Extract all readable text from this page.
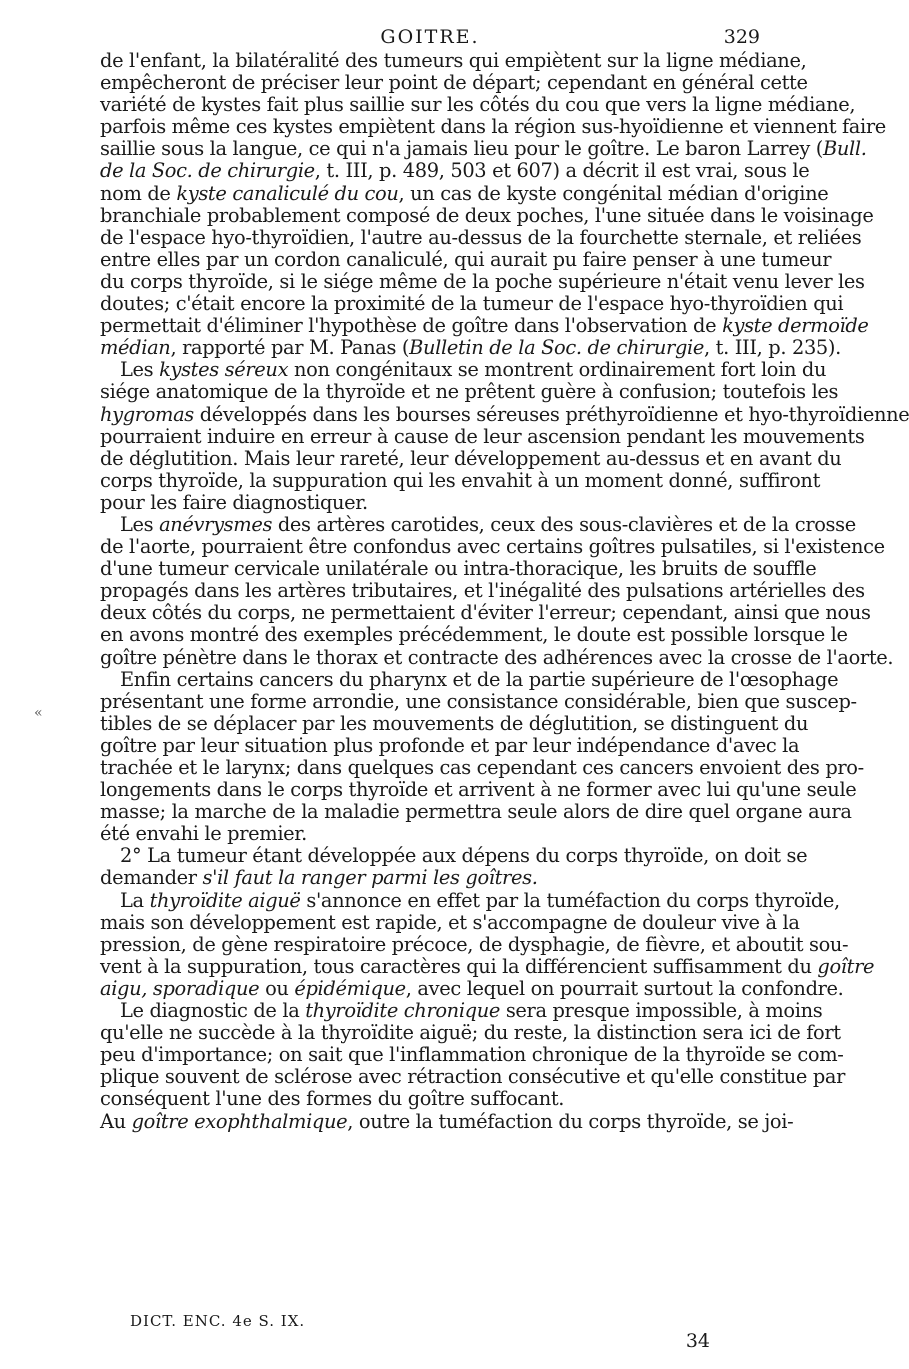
GOITRE.	329
«
de l'enfant, la bilatéralité des tumeurs qui empiètent sur la ligne médiane,
empêcheront de préciser leur point de départ; cependant en général cette
variété de kystes fait plus saillie sur les côtés du cou que vers la ligne médiane,
parfois même ces kystes empiètent dans la région sus-hyoïdienne et viennent faire
saillie sous la langue, ce qui n'a jamais lieu pour le goître. Le baron Larrey (Bull.
de la Soc. de chirurgie, t. III, p. 489, 503 et 607) a décrit il est vrai, sous le
nom de kyste canaliculé du cou, un cas de kyste congénital médian d'origine
branchiale probablement composé de deux poches, l'une située dans le voisinage
de l'espace hyo-thyroïdien, l'autre au-dessus de la fourchette sternale, et reliées
entre elles par un cordon canaliculé, qui aurait pu faire penser à une tumeur
du corps thyroïde, si le siége même de la poche supérieure n'était venu lever les
doutes; c'était encore la proximité de la tumeur de l'espace hyo-thyroïdien qui
permettait d'éliminer l'hypothèse de goître dans l'observation de kyste dermoïde
médian, rapporté par M. Panas (Bulletin de la Soc. de chirurgie, t. III, p. 235).
Les kystes séreux non congénitaux se montrent ordinairement fort loin du
siége anatomique de la thyroïde et ne prêtent guère à confusion; toutefois les
hygromas développés dans les bourses séreuses préthyroïdienne et hyo-thyroïdienne
pourraient induire en erreur à cause de leur ascension pendant les mouvements
de déglutition. Mais leur rareté, leur développement au-dessus et en avant du
corps thyroïde, la suppuration qui les envahit à un moment donné, suffiront
pour les faire diagnostiquer.
Les anévrysmes des artères carotides, ceux des sous-clavières et de la crosse
de l'aorte, pourraient être confondus avec certains goîtres pulsatiles, si l'existence
d'une tumeur cervicale unilatérale ou intra-thoracique, les bruits de souffle
propagés dans les artères tributaires, et l'inégalité des pulsations artérielles des
deux côtés du corps, ne permettaient d'éviter l'erreur; cependant, ainsi que nous
en avons montré des exemples précédemment, le doute est possible lorsque le
goître pénètre dans le thorax et contracte des adhérences avec la crosse de l'aorte.
Enfin certains cancers du pharynx et de la partie supérieure de l'œsophage
présentant une forme arrondie, une consistance considérable, bien que suscep-
tibles de se déplacer par les mouvements de déglutition, se distinguent du
goître par leur situation plus profonde et par leur indépendance d'avec la
trachée et le larynx; dans quelques cas cependant ces cancers envoient des pro-
longements dans le corps thyroïde et arrivent à ne former avec lui qu'une seule
masse; la marche de la maladie permettra seule alors de dire quel organe aura
été envahi le premier.
2° La tumeur étant développée aux dépens du corps thyroïde, on doit se
demander s'il faut la ranger parmi les goîtres.
La thyroïdite aiguë s'annonce en effet par la tuméfaction du corps thyroïde,
mais son développement est rapide, et s'accompagne de douleur vive à la
pression, de gène respiratoire précoce, de dysphagie, de fièvre, et aboutit sou-
vent à la suppuration, tous caractères qui la différencient suffisamment du goître
aigu, sporadique ou épidémique, avec lequel on pourrait surtout la confondre.
Le diagnostic de la thyroïdite chronique sera presque impossible, à moins
qu'elle ne succède à la thyroïdite aiguë; du reste, la distinction sera ici de fort
peu d'importance; on sait que l'inflammation chronique de la thyroïde se com-
plique souvent de sclérose avec rétraction consécutive et qu'elle constitue par
conséquent l'une des formes du goître suffocant.
Au goître exophthalmique, outre la tuméfaction du corps thyroïde, se joi-
DICT. ENC. 4e S. IX.
34
